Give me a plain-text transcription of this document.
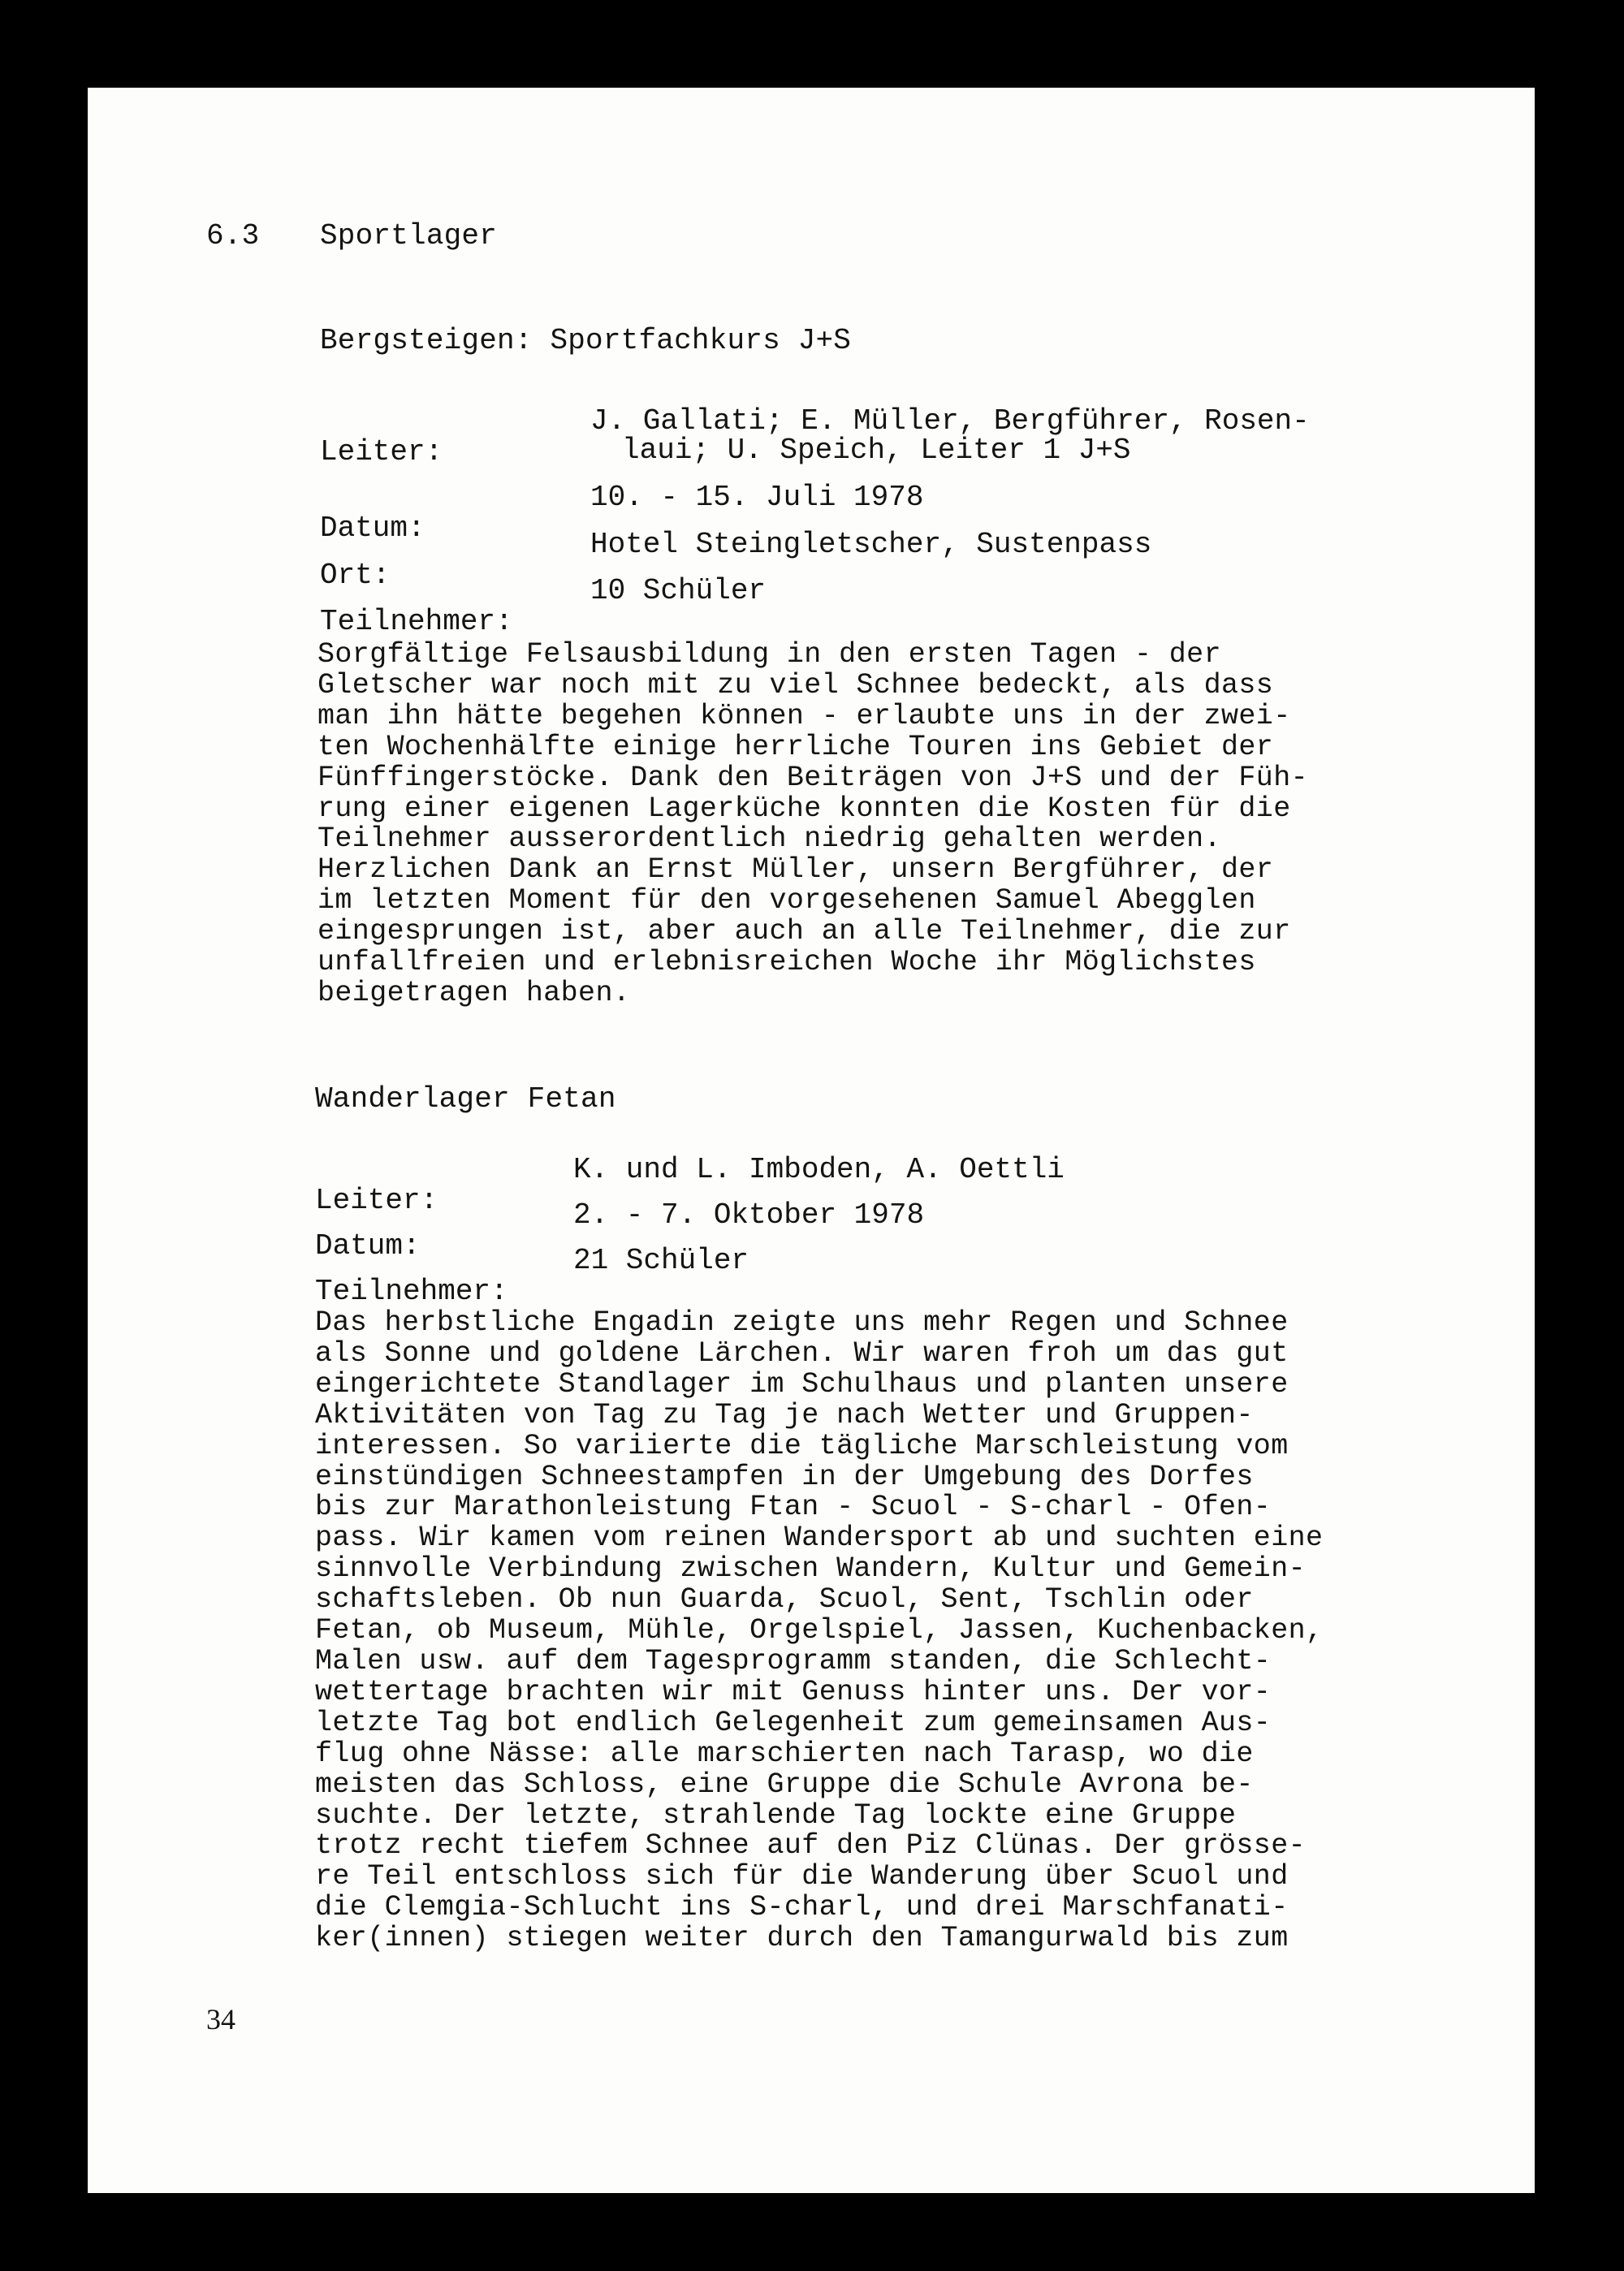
6.3 Sportlager
Bergsteigen: Sportfachkurs J+S

Leiter:

J. Gallati; E. Müller, Bergführer, Rosen-

laui; U. Speich, Leiter 1 J+S

Datum:

10. - 15. Juli 1978

Ort:

Hotel Steingletscher, Sustenpass

Teilnehmer:

10 Schüler

Sorgfältige Felsausbildung in den ersten Tagen - der
Gletscher war noch mit zu viel Schnee bedeckt, als dass
man ihn hätte begehen können - erlaubte uns in der zwei-
ten Wochenhälfte einige herrliche Touren ins Gebiet der
Fünffingerstöcke. Dank den Beiträgen von J+S und der Füh-
rung einer eigenen Lagerküche konnten die Kosten für die
Teilnehmer ausserordentlich niedrig gehalten werden.
Herzlichen Dank an Ernst Müller, unsern Bergführer, der
im letzten Moment für den vorgesehenen Samuel Abegglen
eingesprungen ist, aber auch an alle Teilnehmer, die zur
unfallfreien und erlebnisreichen Woche ihr Möglichstes
beigetragen haben.
Wanderlager Fetan

Leiter:

K. und L. Imboden, A. Oettli

Datum:

2. - 7. Oktober 1978

Teilnehmer:

21 Schüler

Das herbstliche Engadin zeigte uns mehr Regen und Schnee
als Sonne und goldene Lärchen. Wir waren froh um das gut
eingerichtete Standlager im Schulhaus und planten unsere
Aktivitäten von Tag zu Tag je nach Wetter und Gruppen-
interessen. So variierte die tägliche Marschleistung vom
einstündigen Schneestampfen in der Umgebung des Dorfes
bis zur Marathonleistung Ftan - Scuol - S-charl - Ofen-
pass. Wir kamen vom reinen Wandersport ab und suchten eine
sinnvolle Verbindung zwischen Wandern, Kultur und Gemein-
schaftsleben. Ob nun Guarda, Scuol, Sent, Tschlin oder
Fetan, ob Museum, Mühle, Orgelspiel, Jassen, Kuchenbacken,
Malen usw. auf dem Tagesprogramm standen, die Schlecht-
wettertage brachten wir mit Genuss hinter uns. Der vor-
letzte Tag bot endlich Gelegenheit zum gemeinsamen Aus-
flug ohne Nässe: alle marschierten nach Tarasp, wo die
meisten das Schloss, eine Gruppe die Schule Avrona be-
suchte. Der letzte, strahlende Tag lockte eine Gruppe
trotz recht tiefem Schnee auf den Piz Clünas. Der grösse-
re Teil entschloss sich für die Wanderung über Scuol und
die Clemgia-Schlucht ins S-charl, und drei Marschfanati-
ker(innen) stiegen weiter durch den Tamangurwald bis zum
34
